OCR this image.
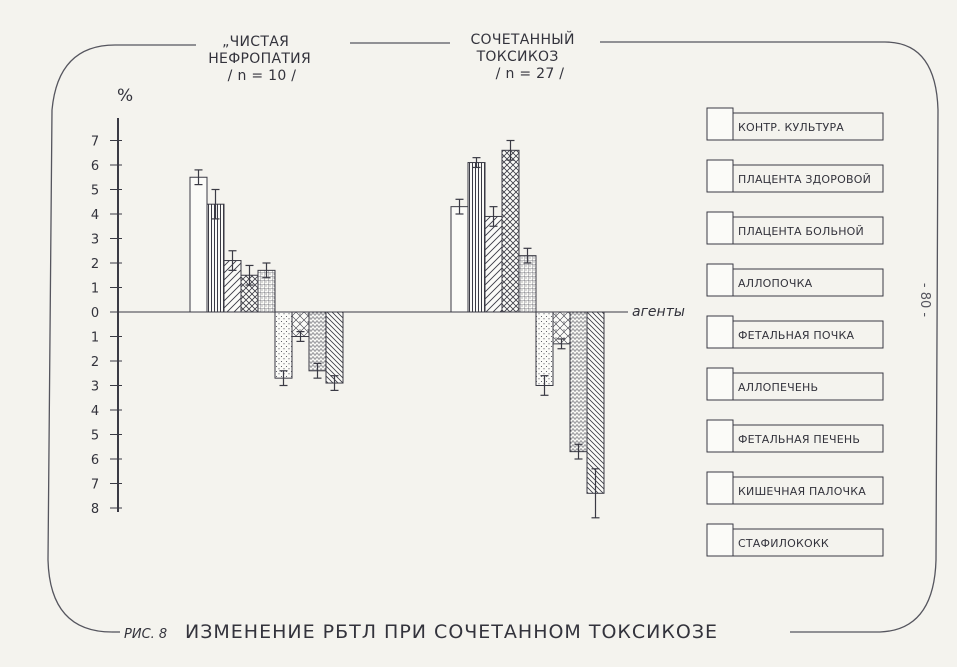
„ЧИСТАЯ НЕФРОПАТИЯ / n = 10 /
СОЧЕТАННЫЙ ТОКСИКОЗ / n = 27 /
%
агенты
7
6
5
4
3
2
1
0
1
2
3
4
5
6
7
8
КОНТР. КУЛЬТУРА
ПЛАЦЕНТА ЗДОРОВОЙ
ПЛАЦЕНТА БОЛЬНОЙ
АЛЛОПОЧКА
ФЕТАЛЬНАЯ ПОЧКА
АЛЛОПЕЧЕНЬ
ФЕТАЛЬНАЯ ПЕЧЕНЬ
КИШЕЧНАЯ ПАЛОЧКА
СТАФИЛОКОКК
РИС. 8 ИЗМЕНЕНИЕ РБТЛ ПРИ СОЧЕТАННОМ ТОКСИКОЗЕ
- 80 -
